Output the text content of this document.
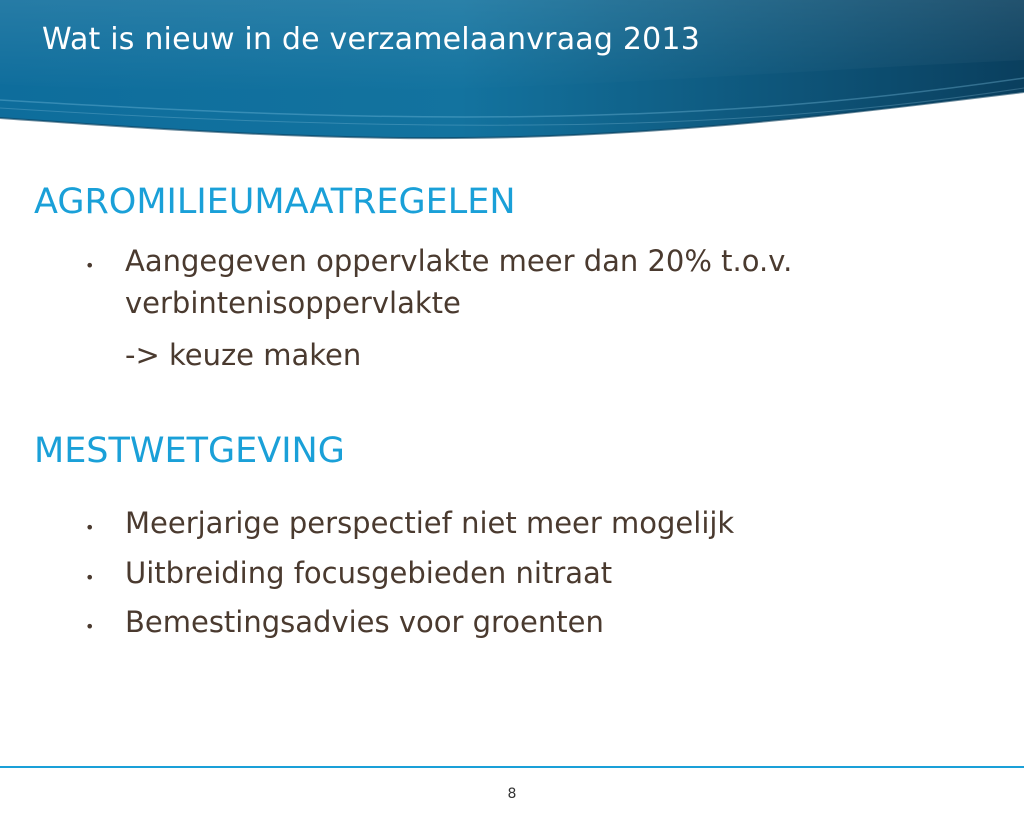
Wat is nieuw in de verzamelaanvraag 2013
AGROMILIEUMAATREGELEN
• Aangegeven oppervlakte meer dan 20% t.o.v.

verbintenisoppervlakte

-> keuze maken

MESTWETGEVING
• Meerjarige perspectief niet meer mogelijk

• Uitbreiding focusgebieden nitraat

• Bemestingsadvies voor groenten

8
